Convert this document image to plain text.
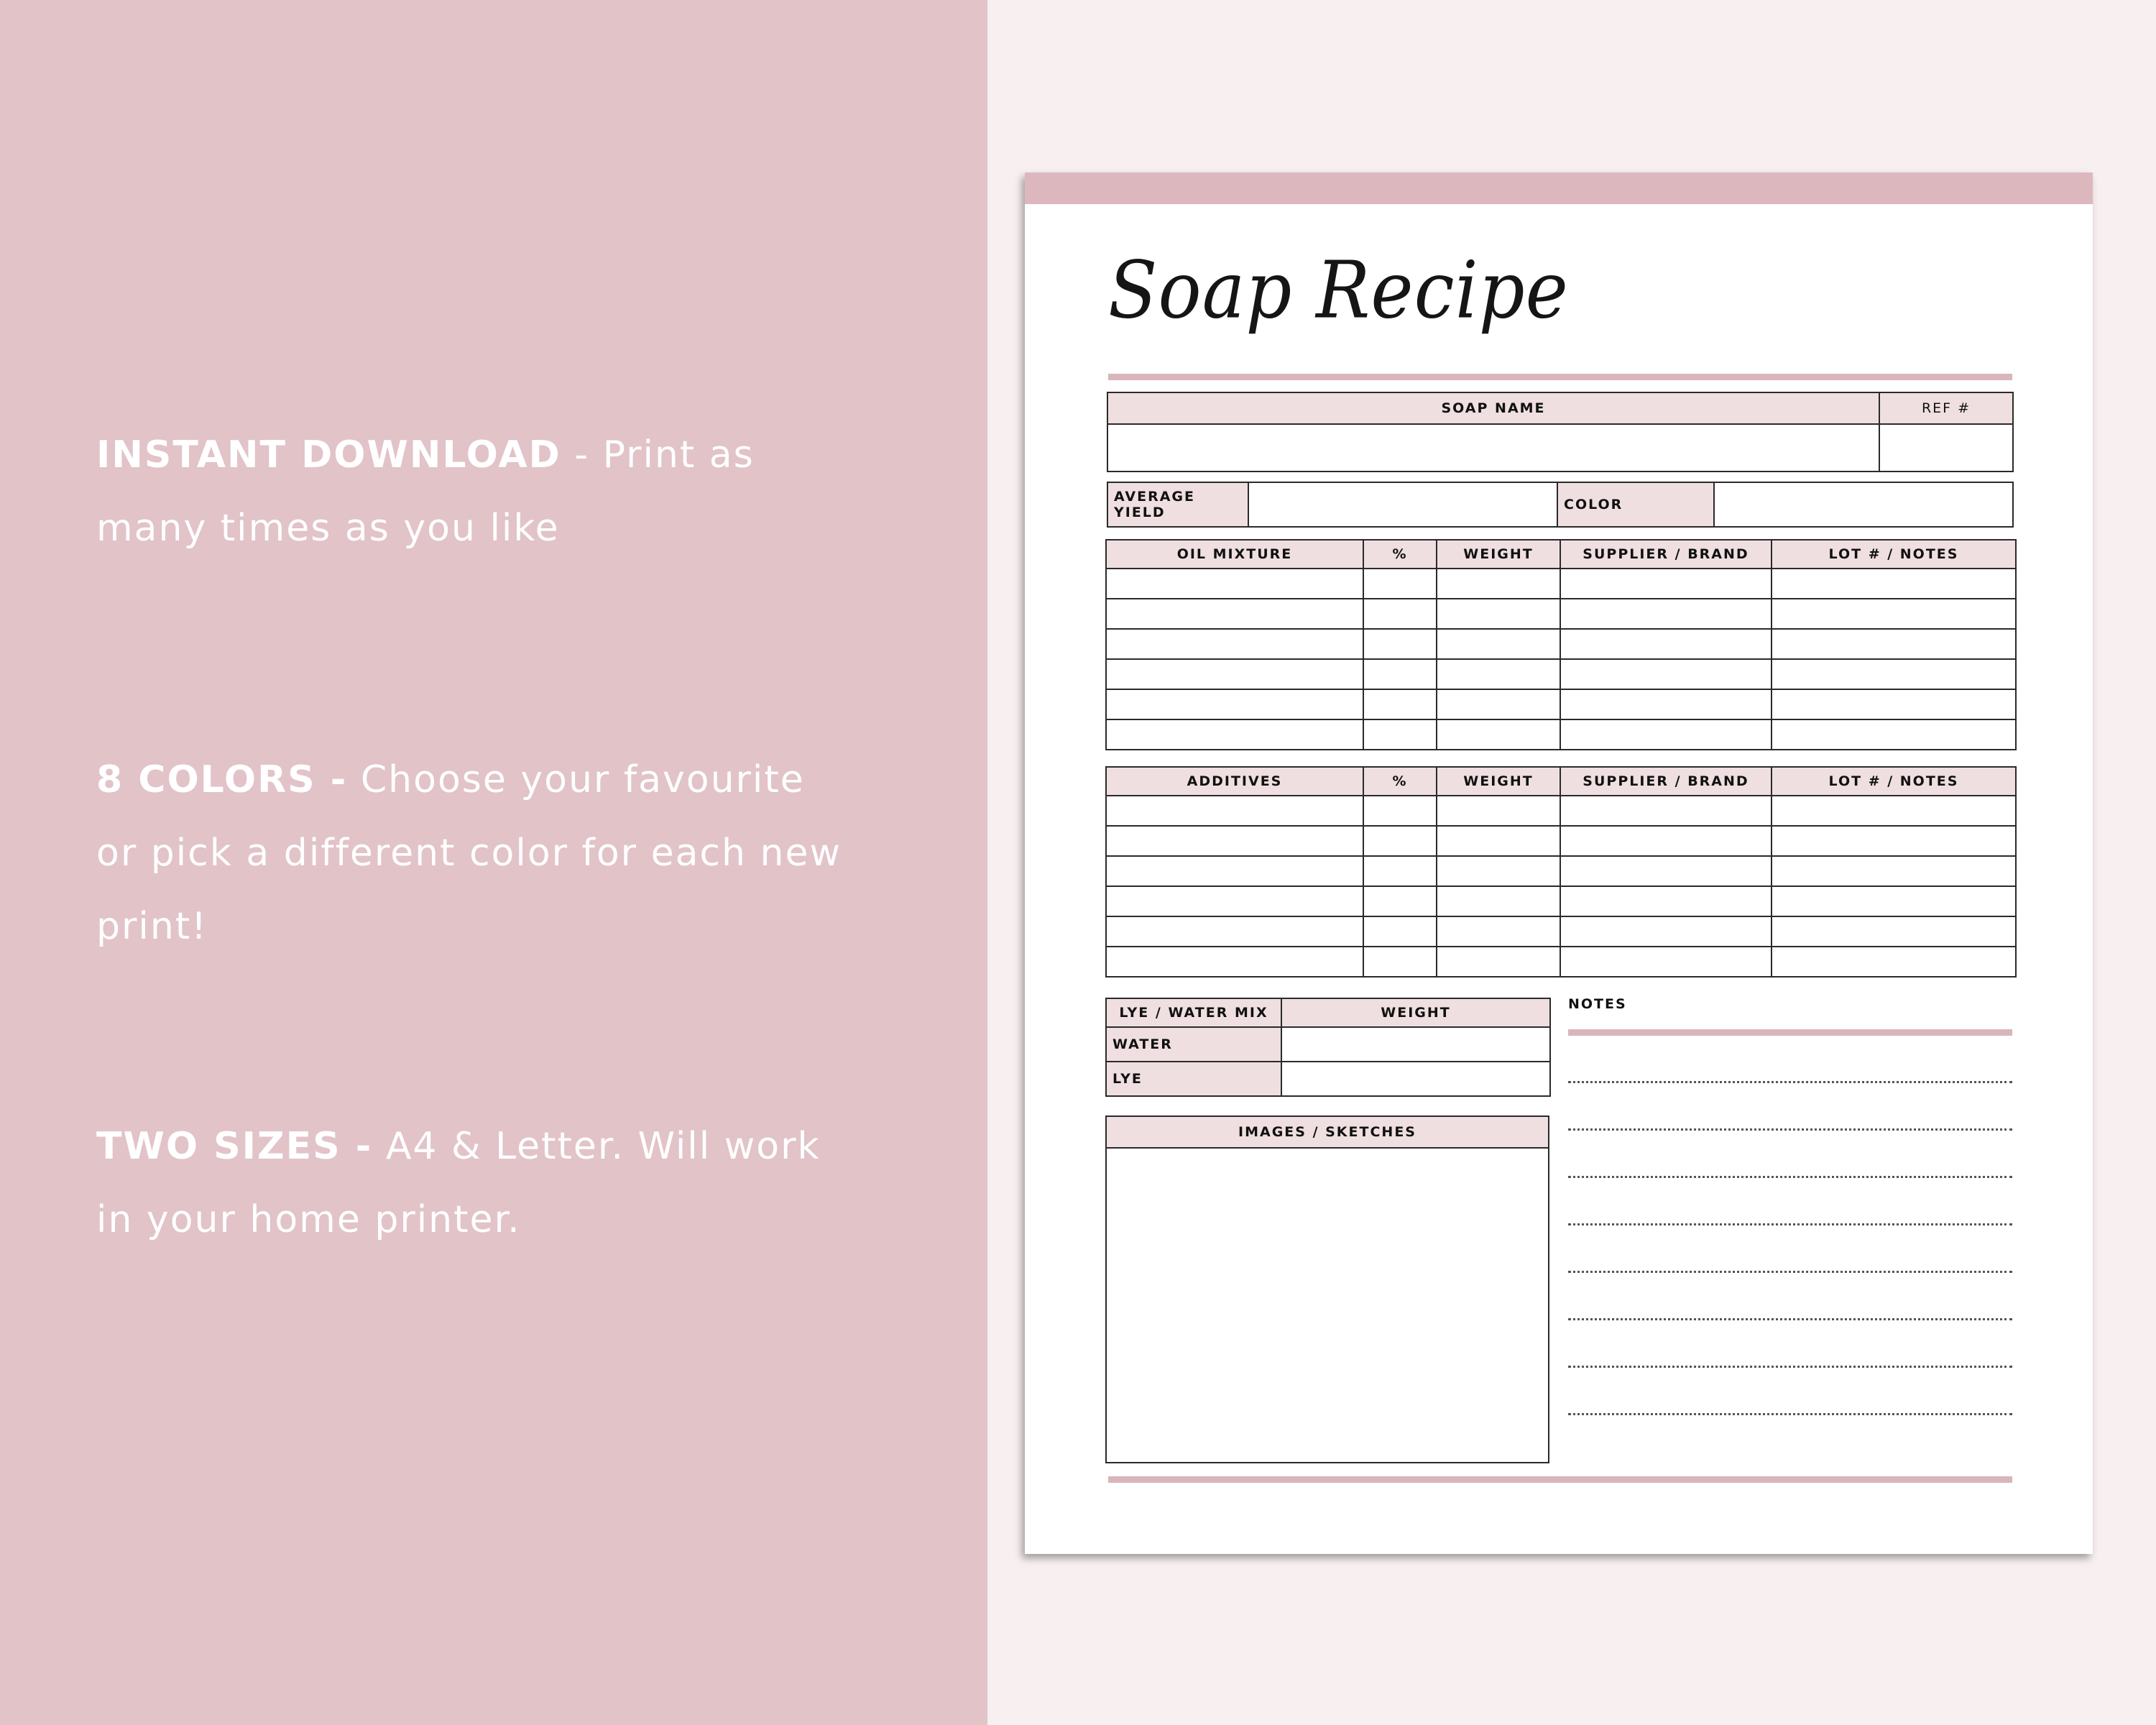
INSTANT DOWNLOAD - Print as many times as you like
8 COLORS - Choose your favourite or pick a different color for each new print!
TWO SIZES - A4 & Letter. Will work in your home printer.
Soap Recipe
SOAP NAME	REF #
AVERAGE YIELD	COLOR
OIL MIXTURE	%	WEIGHT	SUPPLIER / BRAND	LOT # / NOTES

ADDITIVES	%	WEIGHT	SUPPLIER / BRAND	LOT # / NOTES

LYE / WATER MIX	WEIGHT
WATER	
LYE	
IMAGES / SKETCHES
NOTES
